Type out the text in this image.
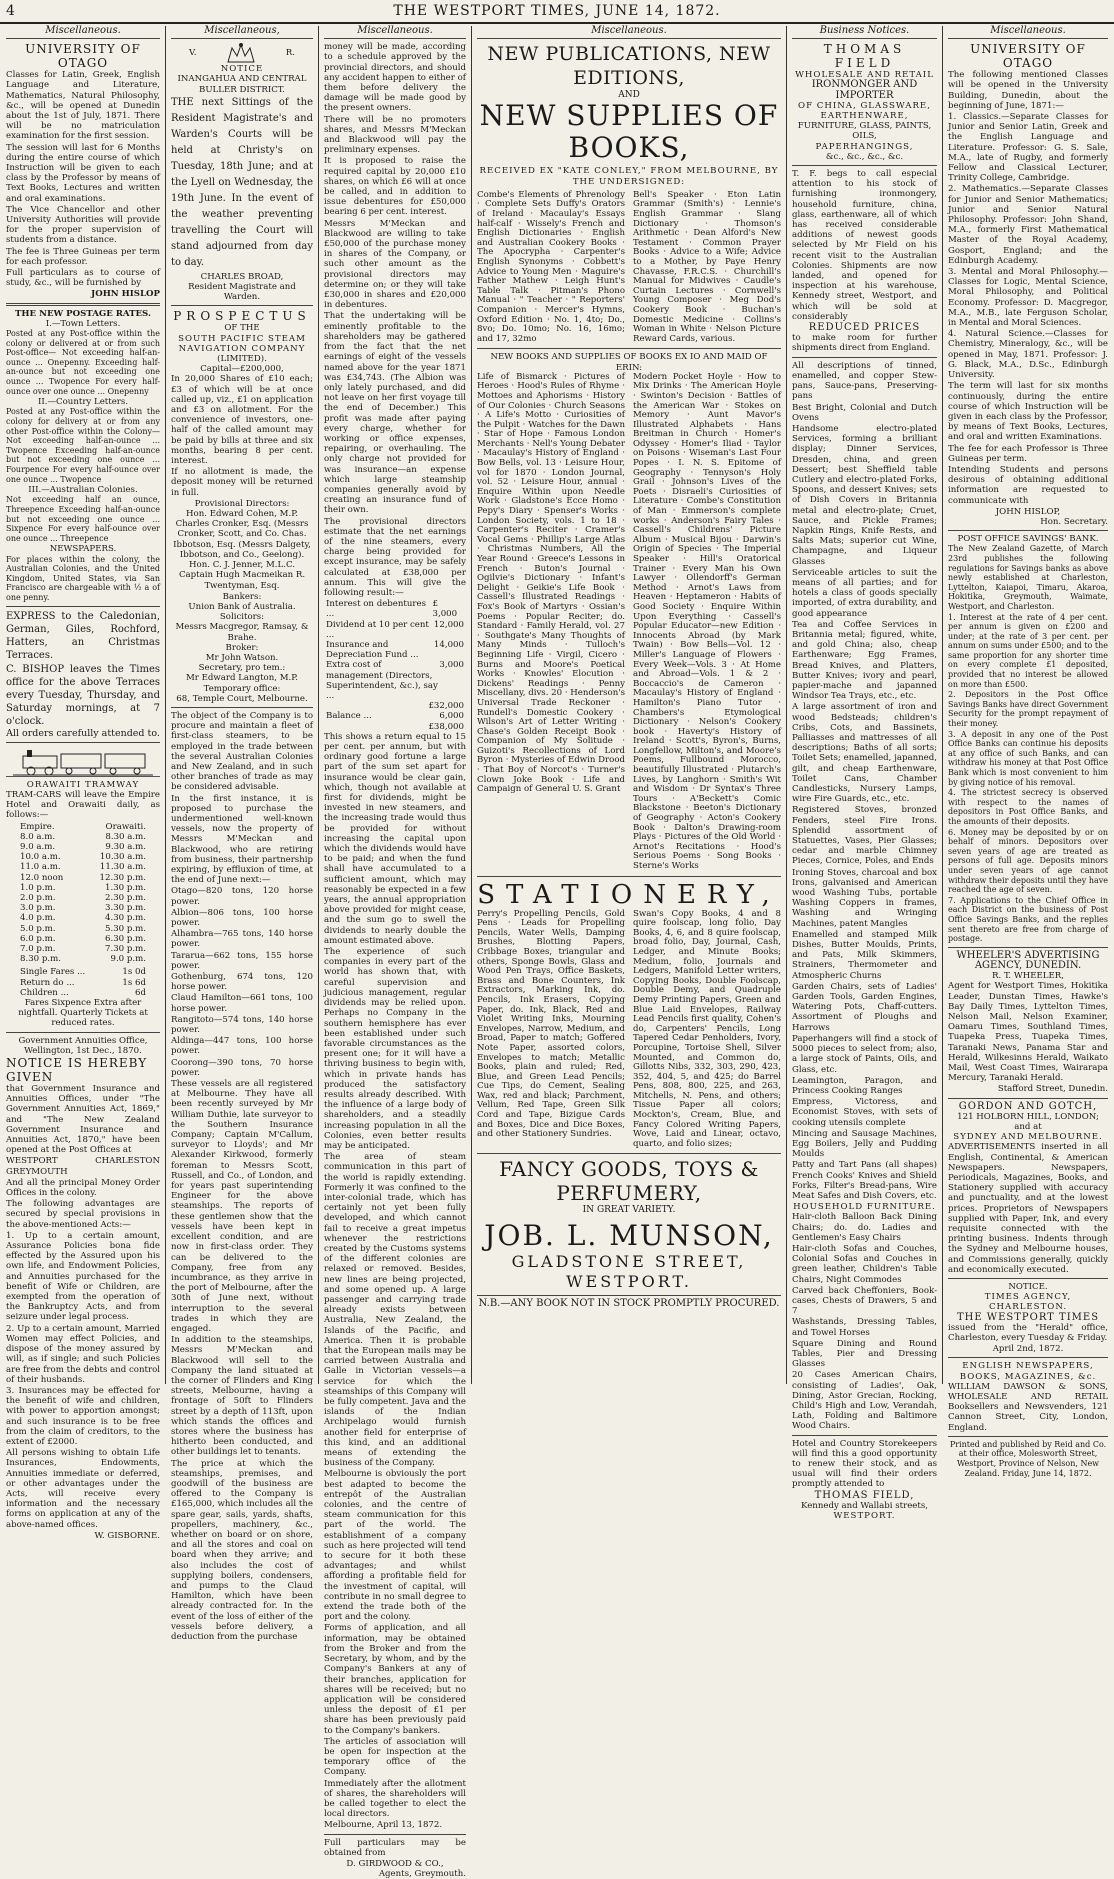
4	THE WESTPORT TIMES, JUNE 14, 1872.
Miscellaneous.
UNIVERSITY OF OTAGO
Classes for Latin, Greek, English Language and Literature, Mathematics, Natural Philosophy, &c., will be opened at Dunedin about the 1st of July, 1871. There will be no matriculation examination for the first session.
The session will last for 6 Months during the entire course of which Instruction will be given to each class by the Professor by means of Text Books, Lectures and written and oral examinations.
The Vice Chancellor and other University Authorities will provide for the proper supervision of students from a distance.
The fee is Three Guineas per term for each professor.
Full particulars as to course of study, &c., will be furnished by
JOHN HISLOP
THE NEW POSTAGE RATES.
I.—Town Letters.
Posted at any Post-office within the colony or delivered at or from such Post-office— Not exceeding half-an-ounce ... Onepenny. Exceeding half-an-ounce but not exceeding one ounce ... Twopence For every half-ounce over one ounce ... Onepenny
II.—Country Letters.
Posted at any Post-office within the colony for delivery at or from any other Post-office within the Colony— Not exceeding half-an-ounce ... Twopence Exceeding half-an-ounce but not exceeding one ounce ... Fourpence For every half-ounce over one ounce ... Twopence
III.—Australian Colonies.
Not exceeding half an ounce, Threepence Exceeding half-an-ounce but not exceeding one ounce ... Sixpence For every half-ounce over one ounce ... Threepence
NEWSPAPERS.
For places within the colony, the Australian Colonies, and the United Kingdom, United States, via San Francisco are chargeable with ½ a of one penny.
EXPRESS to the Caledonian, German, Giles, Rochford, Hatters, an Christmas Terraces.
C. BISHOP leaves the Times office for the above Terraces every Tuesday, Thursday, and Saturday mornings, at 7 o'clock.
All orders carefully attended to.
ORAWAITI TRAMWAY
TRAM-CARS will leave the Empire Hotel and Orawaiti daily, as follows:—
Empire.	Orawaiti.
8.0 a.m.	8.30 a.m.
9.0 a.m.	9.30 a.m.
10.0 a.m.	10.30 a.m.
11.0 a.m.	11.30 a.m.
12.0 noon	12.30 p.m.
1.0 p.m.	1.30 p.m.
2.0 p.m.	2.30 p.m.
3.0 p.m.	3.30 p.m.
4.0 p.m.	4.30 p.m.
5.0 p.m.	5.30 p.m.
6.0 p.m.	6.30 p.m.
7.0 p.m.	7.30 p.m.
8.30 p.m.	9.0 p.m.
Single Fares ...	1s 0d
Return do ...	1s 6d
Children ...	6d
Fares Sixpence Extra after nightfall. Quarterly Tickets at reduced rates.
Government Annuities Office,
Wellington, 1st Dec., 1870.
NOTICE IS HEREBY GIVEN
that Government Insurance and Annuities Offices, under "The Government Annuities Act, 1869," and "The New Zealand Government Insurance and Annuities Act, 1870," have been opened at the Post Offices at
WESTPORT CHARLESTON GREYMOUTH
And all the principal Money Order Offices in the colony.
The following advantages are secured by special provisions in the above-mentioned Acts:—
1. Up to a certain amount, Assurance Policies bona fide effected by the Assured upon his own life, and Endowment Policies, and Annuities purchased for the benefit of Wife or Children, are exempted from the operation of the Bankruptcy Acts, and from seizure under legal process.
2. Up to a certain amount, Married Women may effect Policies, and dispose of the money assured by will, as if single; and such Policies are free from the debts and control of their husbands.
3. Insurances may be effected for the benefit of wife and children, with power to apportion amongst; and such insurance is to be free from the claim of creditors, to the extent of £2000.
All persons wishing to obtain Life Insurances, Endowments, Annuities immediate or deferred, or other advantages under the Acts, will receive every information and the necessary forms on application at any of the above-named offices.
W. GISBORNE.
Miscellaneous,
V.	R.
NOTICE
INANGAHUA AND CENTRAL BULLER DISTRICT.
THE next Sittings of the Resident Magistrate's and Warden's Courts will be held at Christy's on Tuesday, 18th June; and at the Lyell on Wednesday, the 19th June. In the event of the weather preventing travelling the Court will stand adjourned from day to day.
CHARLES BROAD,
Resident Magistrate and Warden.
PROSPECTUS
OF THE
SOUTH PACIFIC STEAM NAVIGATION COMPANY
(LIMITED).
Capital—£200,000,
In 20,000 Shares of £10 each; £3 of which will be at once called up, viz., £1 on application and £3 on allotment. For the convenience of investors, one-half of the called amount may be paid by bills at three and six months, bearing 8 per cent. interest.
If no allotment is made, the deposit money will be returned in full.
Provisional Directors:
Hon. Edward Cohen, M.P. Charles Cronker, Esq. (Messrs Cronker, Scott, and Co. Chas. Ibbotson, Esq. (Messrs Dalgety, Ibbotson, and Co., Geelong). Hon. C. J. Jenner, M.L.C. Captain Hugh Macmeikan R. Twentyman, Esq.
Bankers:
Union Bank of Australia.
Solicitors:
Messrs Macgregor, Ramsay, & Brahe.
Broker:
Mr John Watson.
Secretary, pro tem.:
Mr Edward Langton, M.P.
Temporary office:
68, Temple Court, Melbourne.
The object of the Company is to procure and maintain a fleet of first-class steamers, to be employed in the trade between the several Australian Colonies and New Zealand, and in such other branches of trade as may be considered advisable.
In the first instance, it is proposed to purchase the undermentioned well-known vessels, now the property of Messrs M'Meckan and Blackwood, who are retiring from business, their partnership expiring, by effluxion of time, at the end of June next:—
Otago—820 tons, 120 horse power.
Albion—806 tons, 100 horse power.
Alhambra—765 tons, 140 horse power.
Tararua—662 tons, 155 horse power.
Gothenburg, 674 tons, 120 horse power.
Claud Hamilton—661 tons, 100 horse power.
Rangitoto—574 tons, 140 horse power.
Aldinga—447 tons, 100 horse power.
Coorong—390 tons, 70 horse power.
These vessels are all registered at Melbourne. They have all been recently surveyed by Mr William Duthie, late surveyor to the Southern Insurance Company; Captain M'Callum, surveyor to Lloyds'; and Mr Alexander Kirkwood, formerly foreman to Messrs Scott, Russell, and Co., of London, and for years past superintending Engineer for the above steamships. The reports of these gentlemen show that the vessels have been kept in excellent condition, and are now in first-class order. They can be delivered to the Company, free from any incumbrance, as they arrive in the port of Melbourne, after the 30th of June next, without interruption to the several trades in which they are engaged.
In addition to the steamships, Messrs M'Meckan and Blackwood will sell to the Company the land situated at the corner of Flinders and King streets, Melbourne, having a frontage of 50ft to Flinders street by a depth of 113ft, upon which stands the offices and stores where the business has hitherto been conducted, and other buildings let to tenants.
The price at which the steamships, premises, and goodwill of the business are offered to the Company is £165,000, which includes all the spare gear, sails, yards, shafts, propellers, machinery, &c., whether on board or on shore, and all the stores and coal on board when they arrive; and also includes the cost of supplying boilers, condensers, and pumps to the Claud Hamilton, which have been already contracted for. In the event of the loss of either of the vessels before delivery, a deduction from the purchase
Miscellaneous.
money will be made, according to a schedule approved by the provincial directors, and should any accident happen to either of them before delivery the damage will be made good by the present owners.
There will be no promoters shares, and Messrs M'Meckan and Blackwood will pay the preliminary expenses.
It is proposed to raise the required capital by 20,000 £10 shares, on which £6 will at once be called, and in addition to issue debentures for £50,000 bearing 6 per cent. interest.
Messrs M'Meckan and Blackwood are willing to take £50,000 of the purchase money in shares of the Company, or such other amount as the provisional directors may determine on; or they will take £30,000 in shares and £20,000 in debentures.
That the undertaking will be eminently profitable to the shareholders may be gathered from the fact that the net earnings of eight of the vessels named above for the year 1871 was £34,743. (The Albion was only lately purchased, and did not leave on her first voyage till the end of December.) This profit was made after paying every charge, whether for working or office expenses, repairing, or overhauling. The only charge not provided for was insurance—an expense which large steamship companies generally avoid by creating an insurance fund of their own.
The provisional directors estimate that the net earnings of the nine steamers, every charge being provided for except insurance, may be safely calculated at £38,000 per annum. This will give the following result:—
Interest on debentures ...
£ 3,000
Dividend at 10 per cent ...
12,000
Insurance and Depreciation Fund ...
14,000
Extra cost of management (Directors, Superintendent, &c.), say ...
3,000
£32,000
Balance ...	6,000
£38,000
This shows a return equal to 15 per cent. per annum, but with ordinary good fortune a large part of the sum set apart for insurance would be clear gain, which, though not available at first for dividends, might be invested in new steamers, and the increasing trade would thus be provided for without increasing the capital upon which the dividends would have to be paid; and when the fund shall have accumulated to a sufficient amount, which may reasonably be expected in a few years, the annual appropriation above provided for might cease, and the sum go to swell the dividends to nearly double the amount estimated above.
The experience of such companies in every part of the world has shown that, with careful supervision and judicious management, regular dividends may be relied upon. Perhaps no Company in the southern hemisphere has ever been established under such favorable circumstances as the present one; for it will have a thriving business to begin with, which in private hands has produced the satisfactory results already described. With the influence of a large body of shareholders, and a steadily increasing population in all the Colonies, even better results may be anticipated.
The area of steam communication in this part of the world is rapidly extending. Formerly it was confined to the inter-colonial trade, which has certainly not yet been fully developed, and which cannot fail to receive a great impetus whenever the restrictions created by the Customs systems of the different colonies are relaxed or removed. Besides, new lines are being projected, and some opened up. A large passenger and carrying trade already exists between Australia, New Zealand, the Islands of the Pacific, and America. Then it is probable that the European mails may be carried between Australia and Galle in Victorian vessels—a service for which the steamships of this Company will be fully competent. Java and the islands of the Indian Archipelago would furnish another field for enterprise of this kind, and an additional means of extending the business of the Company.
Melbourne is obviously the port best adapted to become the entrepôt of the Australian colonies, and the centre of steam communication for this part of the world. The establishment of a company such as here projected will tend to secure for it both these advantages; and whilst affording a profitable field for the investment of capital, will contribute in no small degree to extend the trade both of the port and the colony.
Forms of application, and all information, may be obtained from the Broker and from the Secretary, by whom, and by the Company's Bankers at any of their branches, application for shares will be received; but no application will be considered unless the deposit of £1 per share has been previously paid to the Company's bankers.
The articles of association will be open for inspection at the temporary office of the Company.
Immediately after the allotment of shares, the shareholders will be called together to elect the local directors.
Melbourne, April 13, 1872.
Full particulars may be obtained from
D. GIRDWOOD & CO.,
Agents, Greymouth.
Miscellaneous.
NEW PUBLICATIONS, NEW EDITIONS,
AND
NEW SUPPLIES OF BOOKS,
RECEIVED EX "KATE CONLEY," FROM MELBOURNE, BY THE UNDERSIGNED:
Combe's Elements of Phrenology · Complete Sets Duffy's Orators of Ireland · Macaulay's Essays half-calf · Wissely's French and English Dictionaries · English and Australian Cookery Books · The Apocrypha · Carpenter's English Synonyms · Cobbett's Advice to Young Men · Maguire's Father Mathew · Leigh Hunt's Table Talk · Pitman's Phono Manual · " Teacher · " Reporters' Companion · Mercer's Hymns, Oxford Edition · No. 1, 4to; Do., 8vo; Do. 10mo; No. 16, 16mo; and 17, 32mo
Bell's Speaker · Eton Latin Grammar (Smith's) · Lennie's English Grammar · Slang Dictionary · Thomson's Arithmetic · Dean Alford's New Testament · Common Prayer Books · Advice to a Wife; Advice to a Mother, by Paye Henry Chavasse, F.R.C.S. · Churchill's Manual for Midwives · Caudle's Curtain Lectures · Cornwell's Young Composer · Meg Dod's Cookery Book · Buchan's Domestic Medicine · Collins's Woman in White · Nelson Picture Reward Cards, various.
NEW BOOKS AND SUPPLIES OF BOOKS EX IO AND MAID OF ERIN:
Life of Bismarck · Pictures of Heroes · Hood's Rules of Rhyme · Mottoes and Aphorisms · History of Our Colonies · Church Seasons · A Life's Motto · Curiosities of the Pulpit · Watches for the Dawn · Star of Hope · Famous London Merchants · Nell's Young Debater · Macaulay's History of England · Bow Bells, vol. 13 · Leisure Hour, vol for 1870 · London Journal, vol. 52 · Leisure Hour, annual · Enquire Within upon Needle Work · Gladstone's Ecce Homo · Pepy's Diary · Spenser's Works · London Society, vols. 1 to 18 · Carpenter's Reciter · Cramer's Vocal Gems · Phillip's Large Atlas · Christmas Numbers, All the Year Round · Greece's Lessons in French · Buton's Journal · Ogilvie's Dictionary · Infant's Delight · Geikie's Life Book · Cassell's Illustrated Readings · Fox's Book of Martyrs · Ossian's Poems · Popular Reciter; do. Standard · Family Herald, vol. 27 · Southgate's Many Thoughts of Many Minds · Tulloch's Beginning Life · Virgil, Cicero · Burns and Moore's Poetical Works · Knowles' Elocution · Dickens' Readings · Penny Miscellany, divs. 20 · Henderson's Universal Trade Reckoner · Rundell's Domestic Cookery · Wilson's Art of Letter Writing · Chase's Golden Receipt Book · Companion of My Solitude · Guizoti's Recollections of Lord Byron · Mysteries of Edwin Drood · That Boy of Norcot's · Turner's Clown Joke Book · Life and Campaign of General U. S. Grant
Modern Pocket Hoyle · How to Mix Drinks · The American Hoyle · Swinton's Decision · Battles of the American War · Stokes on Memory · Aunt Mavor's Illustrated Alphabets · Hans Breitman in Church · Homer's Odyssey · Homer's Iliad · Taylor on Poisons · Wiseman's Last Four Popes · I. N. S. Epitome of Geography · Tennyson's Holy Grail · Johnson's Lives of the Poets · Disraeli's Curiosities of Literature · Combe's Constitution of Man · Emmerson's complete works · Anderson's Fairy Tales · Cassell's Childrens' Picture Album · Musical Bijou · Darwin's Origin of Species · The Imperial Speaker · Hill's Oratorical Trainer · Every Man his Own Lawyer · Ollendorff's German Method · Arnot's Laws from Heaven · Heptameron · Habits of Good Society · Enquire Within Upon Everything · Cassell's Popular Educator—new Edition · Innocents Abroad (by Mark Twain) · Bow Bells—Vol. 12 · Miller's Language of Flowers · Every Week—Vols. 3 · At Home and Abroad—Vols. 1 & 2 · Boccaccio's de Cameron · Macaulay's History of England · Hamilton's Piano Tutor · Chambers's Etymological Dictionary · Nelson's Cookery book · Haverty's History of Ireland · Scott's, Byron's, Burns, Longfellow, Milton's, and Moore's Poems, Fullbound Morocco, beautifully Illustrated · Plutarch's Lives, by Langhorn · Smith's Wit and Wisdom · Dr Syntax's Three Tours · A'Beckett's Comic Blackstone · Beeton's Dictionary of Geography · Acton's Cookery Book · Dalton's Drawing-room Plays · Pictures of the Old World · Arnot's Recitations · Hood's Serious Poems · Song Books · Sterne's Works
STATIONERY,
Perry's Propelling Pencils, Gold Pens · Leads for Propelling Pencils, Water Wells, Damping Brushes, Blotting Papers, Cribbage Boxes, triangular and others, Sponge Bowls, Glass and Wood Pen Trays, Office Baskets, Brass and Bone Counters, Ink Extractors, Marking Ink, do. Pencils, Ink Erasers, Copying Paper, do. Ink, Black, Red and Violet Writing Inks, Mourning Envelopes, Narrow, Medium, and Broad, Paper to match; Goffered Note Paper, assorted colors, Envelopes to match; Metallic Books, plain and ruled; Red, Blue, and Green Lead Pencils; Cue Tips, do Cement, Sealing Wax, red and black; Parchment, Vellum, Red Tape, Green Silk Cord and Tape, Bizigue Cards and Boxes, Dice and Dice Boxes, and other Stationery Sundries.
Swan's Copy Books, 4 and 8 quire foolscap, long folio, Day Books, 4, 6, and 8 quire foolscap, broad folio, Day, Journal, Cash, Ledger, and Minute Books; Medium, folio, Journals and Ledgers, Manifold Letter writers, Copying Books, Double Foolscap, Double Demy, and Quadruple Demy Printing Papers, Green and Blue Laid Envelopes, Railway Lead Pencils first quality, Cohen's do, Carpenters' Pencils, Long Tapered Cedar Penholders, Ivory, Porcupine, Tortoise Shell, Silver Mounted, and Common do, Gillotts Nibs, 332, 303, 290, 423, 352, 404, 5, and 425; do Barrel Pens, 808, 800, 225, and 263, Mitchells, N. Pens, and others; Tissue Paper all colors; Mockton's, Cream, Blue, and Fancy Colored Writing Papers, Wove, Laid and Linear, octavo, quarto, and folio sizes;
FANCY GOODS, TOYS & PERFUMERY,
IN GREAT VARIETY.
JOB. L. MUNSON,
GLADSTONE STREET, WESTPORT.
N.B.—ANY BOOK NOT IN STOCK PROMPTLY PROCURED.
Business Notices.
THOMAS FIELD
WHOLESALE AND RETAIL
IRONMONGER AND IMPORTER
OF CHINA, GLASSWARE,
EARTHENWARE,
FURNITURE, GLASS, PAINTS, OILS,
PAPERHANGINGS,
&c., &c., &c., &c.
T. F. begs to call especial attention to his stock of furnishing ironmongery, household furniture, china, glass, earthenware, all of which has received considerable additions of newest goods selected by Mr Field on his recent visit to the Australian Colonies. Shipments are now landed, and opened for inspection at his warehouse, Kennedy street, Westport, and which will be sold at considerably
REDUCED PRICES
to make room for further shipments direct from England.
All descriptions of tinned, enamelled, and copper Stew-pans, Sauce-pans, Preserving-pans
Best Bright, Colonial and Dutch Ovens
Handsome electro-plated Services, forming a brilliant display; Dinner Services, Dresden, china, and green Dessert; best Sheffield table Cutlery and electro-plated Forks, Spoons, and dessert Knives; sets of Dish Covers in Britannia metal and electro-plate; Cruet, Sauce, and Pickle Frames; Napkin Rings, Knife Rests, and Salts Mats; superior cut Wine, Champagne, and Liqueur Glasses
Serviceable articles to suit the means of all parties; and for hotels a class of goods specially imported, of extra durability, and good appearance
Tea and Coffee Services in Britannia metal; figured, white, and gold China; also, cheap Earthenware; Egg Frames, Bread Knives, and Platters, Butter Knives; ivory and pearl, papier-mache and japanned Windsor Tea Trays, etc., etc.
A large assortment of iron and wood Bedsteads; children's Cribs, Cots, and Bassinets, Palliasses and mattresses of all descriptions; Baths of all sorts; Toilet Sets; enamelled, japanned, gilt, and cheap Earthenware, Toilet Cans, Chamber Candlesticks, Nursery Lamps, wire Fire Guards, etc., etc.
Registered Stoves, bronzed Fenders, steel Fire Irons. Splendid assortment of Statuettes, Vases, Pier Glasses; cedar and marble Chimney Pieces, Cornice, Poles, and Ends
Ironing Stoves, charcoal and box Irons, galvanised and American wood Washing Tubs, portable Washing Coppers in frames, Washing and Wringing Machines, patent Mangles
Enamelled and stamped Milk Dishes, Butter Moulds, Prints, and Pats, Milk Skimmers, Strainers, Thermometer and Atmospheric Churns
Garden Chairs, sets of Ladies' Garden Tools, Garden Engines, Watering Pots, Chaff-cutters. Assortment of Ploughs and Harrows
Paperhangers will find a stock of 5000 pieces to select from; also, a large stock of Paints, Oils, and Glass, etc.
Leamington, Paragon, and Princess Cooking Ranges
Empress, Victoress, and Economist Stoves, with sets of cooking utensils complete
Mincing and Sausage Machines, Egg Boilers, Jelly and Pudding Moulds
Patty and Tart Pans (all shapes) French Cooks' Knives and Shield Forks, Filter's Bread-pans, Wire Meat Safes and Dish Covers, etc.
HOUSEHOLD FURNITURE.
Hair-cloth Balloon Back Dining Chairs; do. do. Ladies and Gentlemen's Easy Chairs
Hair-cloth Sofas and Couches, Colonial Sofas and Couches in green leather, Children's Table Chairs, Night Commodes
Carved back Cheffoniers, Book-cases, Chests of Drawers, 5 and 7
Washstands, Dressing Tables, and Towel Horses
Square Dining and Round Tables, Pier and Dressing Glasses
20 Cases American Chairs, consisting of Ladies', Oak, Dining, Astor Grecian, Rocking, Child's High and Low, Verandah, Lath, Folding and Baltimore Wood Chairs.
Hotel and Country Storekeepers will find this a good opportunity to renew their stock, and as usual will find their orders promptly attended to
THOMAS FIELD,
Kennedy and Wallabi streets,
WESTPORT.
Miscellaneous.
UNIVERSITY OF OTAGO
The following mentioned Classes will be opened in the University Building, Dunedin, about the beginning of June, 1871:—
1. Classics.—Separate Classes for Junior and Senior Latin, Greek and the English Language and Literature. Professor: G. S. Sale, M.A., late of Rugby, and formerly Fellow and Classical Lecturer, Trinity College, Cambridge.
2. Mathematics.—Separate Classes for Junior and Senior Mathematics; Junior and Senior Natural Philosophy. Professor: John Shand, M.A., formerly First Mathematical Master of the Royal Academy, Gosport, England; and the Edinburgh Academy.
3. Mental and Moral Philosophy.—Classes for Logic, Mental Science, Moral Philosophy, and Political Economy. Professor: D. Macgregor, M.A., M.B., late Ferguson Scholar, in Mental and Moral Sciences.
4. Natural Science.—Classes for Chemistry, Mineralogy, &c., will be opened in May, 1871. Professor: J. G. Black, M.A., D.Sc., Edinburgh University.
The term will last for six months continuously, during the entire course of which Instruction will be given in each class by the Professor, by means of Text Books, Lectures, and oral and written Examinations.
The fee for each Professor is Three Guineas per term.
Intending Students and persons desirous of obtaining additional information are requested to communicate with
JOHN HISLOP,
Hon. Secretary.
POST OFFICE SAVINGS' BANK.
The New Zealand Gazette, of March 23rd publishes the following regulations for Savings banks as above newly established at Charleston, Lyttelton, Kaiapoi, Timaru, Akaroa, Hokitika, Greymouth, Waimate, Westport, and Charleston.
1. Interest at the rate of 4 per cent. per annum is given on £200 and under; at the rate of 3 per cent. per annum on sums under £500; and to the same proportion for any shorter time on every complete £1 deposited, provided that no interest be allowed on more than £500.
2. Depositors in the Post Office Savings Banks have direct Government Security for the prompt repayment of their money.
3. A deposit in any one of the Post Office Banks can continue his deposits at any office of such Banks, and can withdraw his money at that Post Office Bank which is most convenient to him by giving notice of his removal.
4. The strictest secrecy is observed with respect to the names of depositors in Post Office Banks, and the amounts of their deposits.
6. Money may be deposited by or on behalf of minors. Depositors over seven years of age are treated as persons of full age. Deposits minors under seven years of age cannot withdraw their deposits until they have reached the age of seven.
7. Applications to the Chief Office in each District on the business of Post Office Savings Banks, and the replies sent thereto are free from charge of postage.
WHEELER'S ADVERTISING AGENCY, DUNEDIN.
R. T. WHEELER,
Agent for Westport Times, Hokitika Leader, Dunstan Times, Hawke's Bay Daily Times, Lyttelton Times, Nelson Mail, Nelson Examiner, Oamaru Times, Southland Times, Tuapeka Press, Tuapeka Times, Taranaki News, Panama Star and Herald, Wilkesinns Herald, Waikato Mail, West Coast Times, Wairarapa Mercury, Taranaki Herald.
Stafford Street, Dunedin.
GORDON AND GOTCH,
121 HOLBORN HILL, LONDON;
and at
SYDNEY AND MELBOURNE.
ADVERTISEMENTS inserted in all English, Continental, & American Newspapers. Newspapers, Periodicals, Magazines, Books, and Stationery supplied with accuracy and punctuality, and at the lowest prices. Proprietors of Newspapers supplied with Paper, Ink, and every requisite connected with the printing business. Indents through the Sydney and Melbourne houses, and Commissions generally, quickly and economically executed.
NOTICE.
TIMES AGENCY, CHARLESTON.
THE WESTPORT TIMES
issued from the "Herald" office, Charleston, every Tuesday & Friday.
April 2nd, 1872.
ENGLISH NEWSPAPERS, BOOKS, MAGAZINES, &c.
WILLIAM DAWSON & SONS, WHOLESALE AND RETAIL Booksellers and Newsvenders, 121 Cannon Street, City, London, England.
Printed and published by Reid and Co. at their office, Molesworth Street, Westport, Province of Nelson, New Zealand. Friday, June 14, 1872.
